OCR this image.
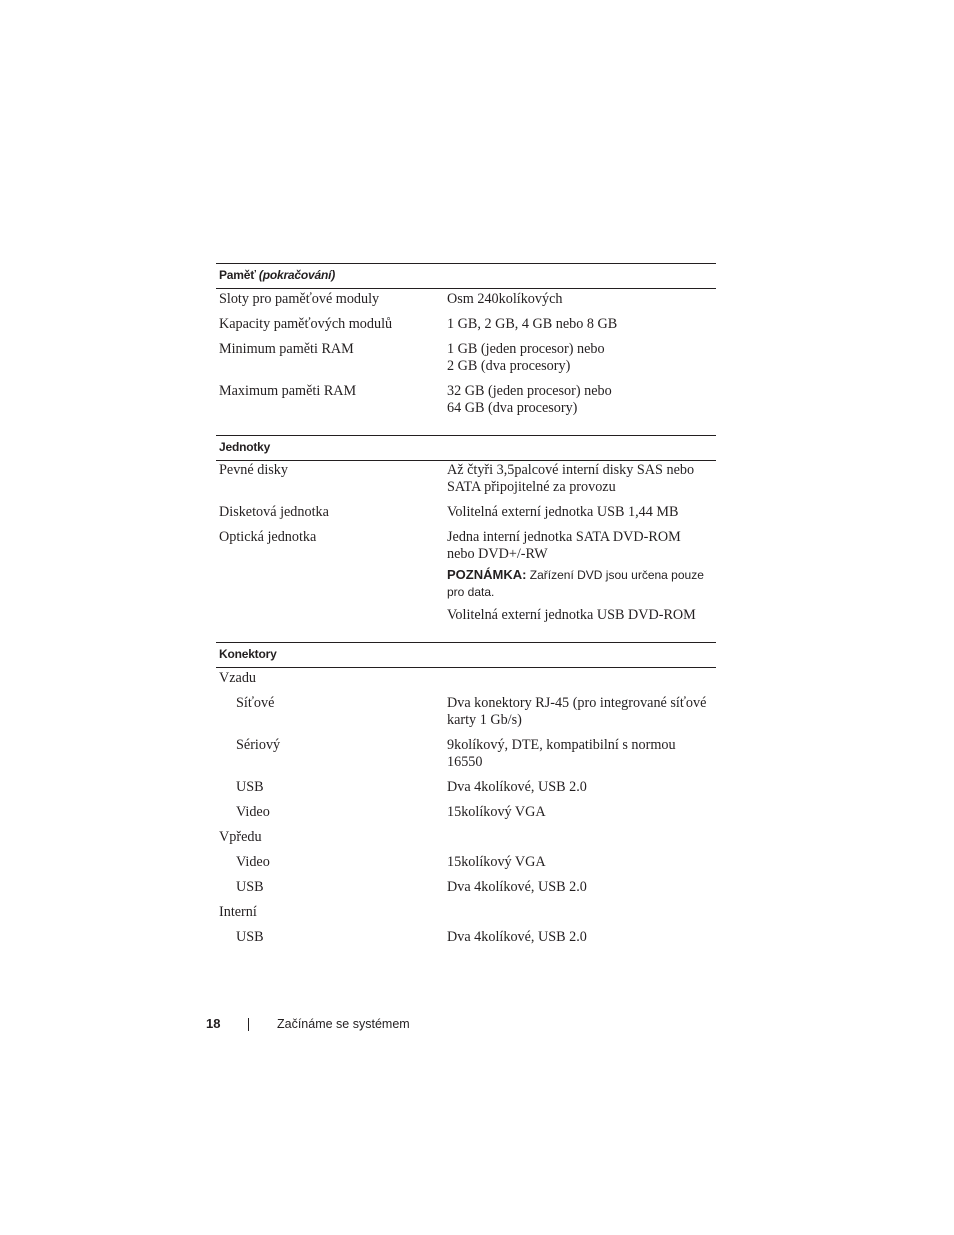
Paměť (pokračování)
Sloty pro paměťové moduly	Osm 240kolíkových
Kapacity paměťových modulů	1 GB, 2 GB, 4 GB nebo 8 GB
Minimum paměti RAM	1 GB (jeden procesor) nebo
2 GB (dva procesory)
Maximum paměti RAM	32 GB (jeden procesor) nebo
64 GB (dva procesory)
Jednotky
Pevné disky	Až čtyři 3,5palcové interní disky SAS nebo
SATA připojitelné za provozu
Disketová jednotka	Volitelná externí jednotka USB 1,44 MB
Optická jednotka	Jedna interní jednotka SATA DVD-ROM
nebo DVD+/-RW
POZNÁMKA: Zařízení DVD jsou určena pouze
pro data.
Volitelná externí jednotka USB DVD-ROM
Konektory
Vzadu
Síťové	Dva konektory RJ-45 (pro integrované síťové
karty 1 Gb/s)
Sériový	9kolíkový, DTE, kompatibilní s normou
16550
USB	Dva 4kolíkové, USB 2.0
Video	15kolíkový VGA
Vpředu
Video	15kolíkový VGA
USB	Dva 4kolíkové, USB 2.0
Interní
USB	Dva 4kolíkové, USB 2.0
18	Začínáme se systémem
